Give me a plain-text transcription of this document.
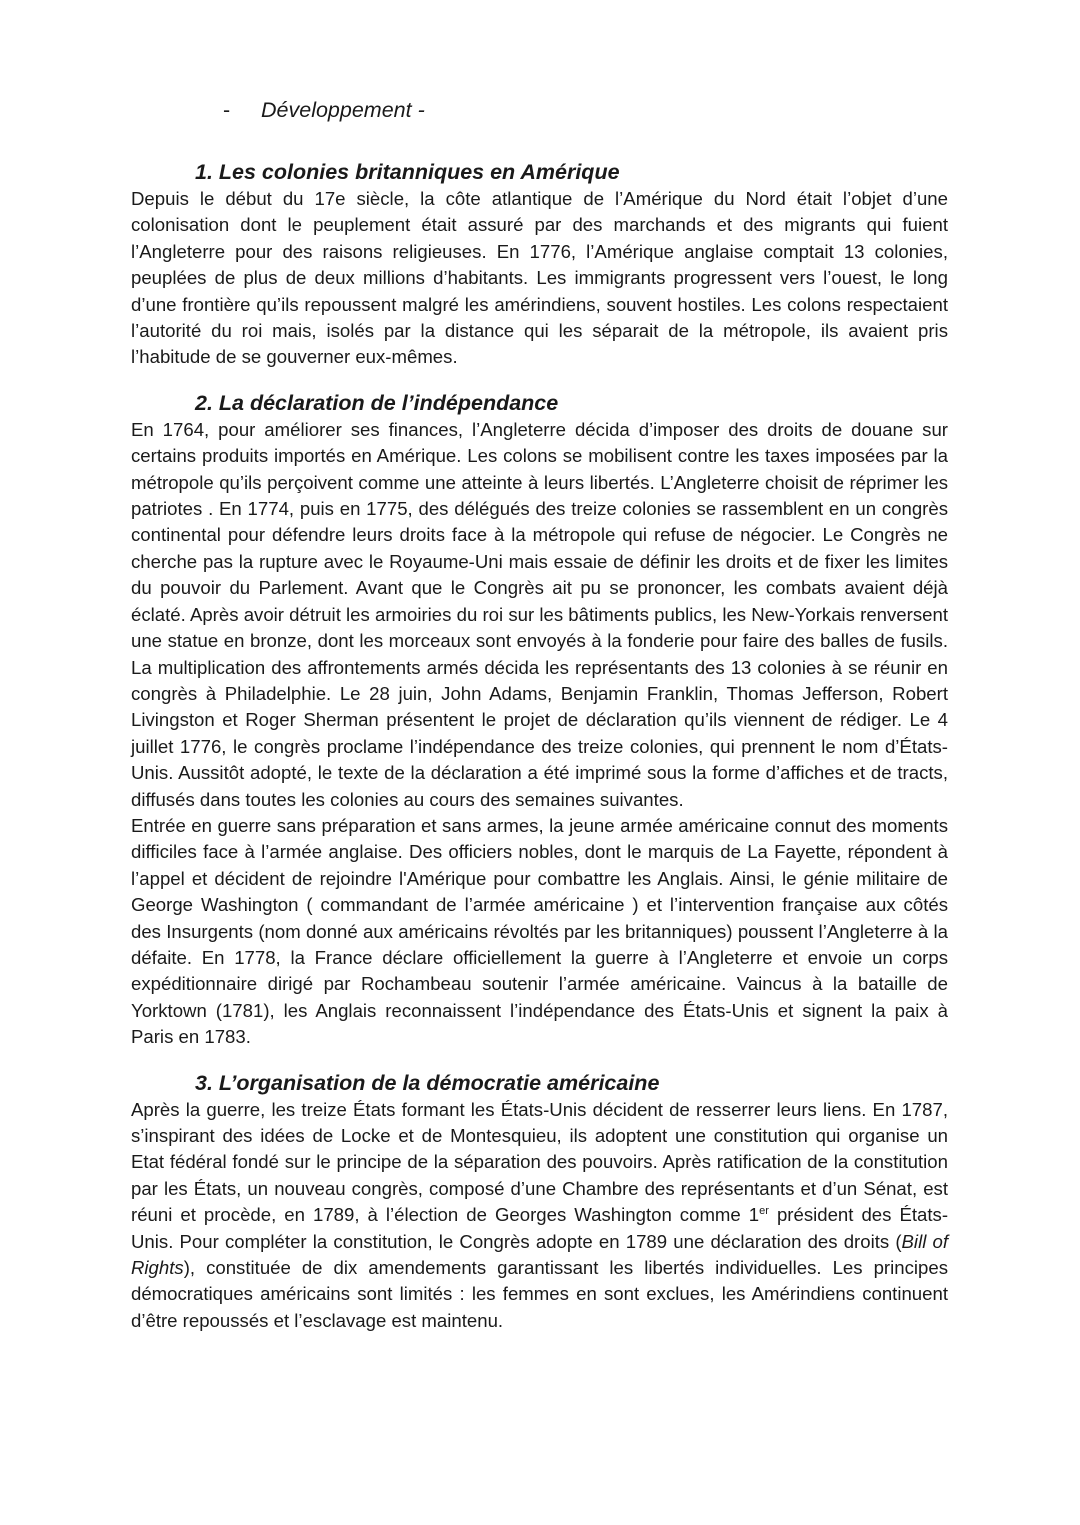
-	Développement -
1. Les colonies britanniques en Amérique

Depuis le début du 17e siècle, la côte atlantique de l’Amérique du Nord était l’objet d’une colonisation dont le peuplement était assuré par des marchands et des migrants qui fuient l’Angleterre pour des raisons religieuses. En 1776, l’Amérique anglaise comptait 13 colonies, peuplées de plus de deux millions d’habitants. Les immigrants progressent vers l’ouest, le long d’une frontière qu’ils repoussent malgré les amérindiens, souvent hostiles. Les colons respectaient l’autorité du roi mais, isolés par la distance qui les séparait de la métropole, ils avaient pris l’habitude de se gouverner eux-mêmes.

2. La déclaration de l’indépendance

En 1764, pour améliorer ses finances, l’Angleterre décida d’imposer des droits de douane sur certains produits importés en Amérique. Les colons se mobilisent contre les taxes imposées par la métropole qu’ils perçoivent comme une atteinte à leurs libertés. L’Angleterre choisit de réprimer les patriotes . En 1774, puis en 1775, des délégués des treize colonies se rassemblent en un congrès continental pour défendre leurs droits face à la métropole qui refuse de négocier. Le Congrès ne cherche pas la rupture avec le Royaume-Uni mais essaie de définir les droits et de fixer les limites du pouvoir du Parlement. Avant que le Congrès ait pu se prononcer, les combats avaient déjà éclaté. Après avoir détruit les armoiries du roi sur les bâtiments publics, les New-Yorkais renversent une statue en bronze, dont les morceaux sont envoyés à la fonderie pour faire des balles de fusils. La multiplication des affrontements armés décida les représentants des 13 colonies à se réunir en congrès à Philadelphie. Le 28 juin, John Adams, Benjamin Franklin, Thomas Jefferson, Robert Livingston et Roger Sherman présentent le projet de déclaration qu’ils viennent de rédiger. Le 4 juillet 1776, le congrès proclame l’indépendance des treize colonies, qui prennent le nom d’États-Unis. Aussitôt adopté, le texte de la déclaration a été imprimé sous la forme d’affiches et de tracts, diffusés dans toutes les colonies au cours des semaines suivantes.

Entrée en guerre sans préparation et sans armes, la jeune armée américaine connut des moments difficiles face à l’armée anglaise. Des officiers nobles, dont le marquis de La Fayette, répondent à l’appel et décident de rejoindre l'Amérique pour combattre les Anglais. Ainsi, le génie militaire de George Washington ( commandant de l’armée américaine ) et l’intervention française aux côtés des Insurgents (nom donné aux américains révoltés par les britanniques) poussent l’Angleterre à la défaite. En 1778, la France déclare officiellement la guerre à l’Angleterre et envoie un corps expéditionnaire dirigé par Rochambeau soutenir l’armée américaine. Vaincus à la bataille de Yorktown (1781), les Anglais reconnaissent l’indépendance des États-Unis et signent la paix à Paris en 1783.

3. L’organisation de la démocratie américaine

Après la guerre, les treize États formant les États-Unis décident de resserrer leurs liens. En 1787, s’inspirant des idées de Locke et de Montesquieu, ils adoptent une constitution qui organise un Etat fédéral fondé sur le principe de la séparation des pouvoirs. Après ratification de la constitution par les États, un nouveau congrès, composé d’une Chambre des représentants et d’un Sénat, est réuni et procède, en 1789, à l’élection de Georges Washington comme 1er président des États-Unis. Pour compléter la constitution, le Congrès adopte en 1789 une déclaration des droits (Bill of Rights), constituée de dix amendements garantissant les libertés individuelles. Les principes démocratiques américains sont limités : les femmes en sont exclues, les Amérindiens continuent d’être repoussés et l’esclavage est maintenu.
